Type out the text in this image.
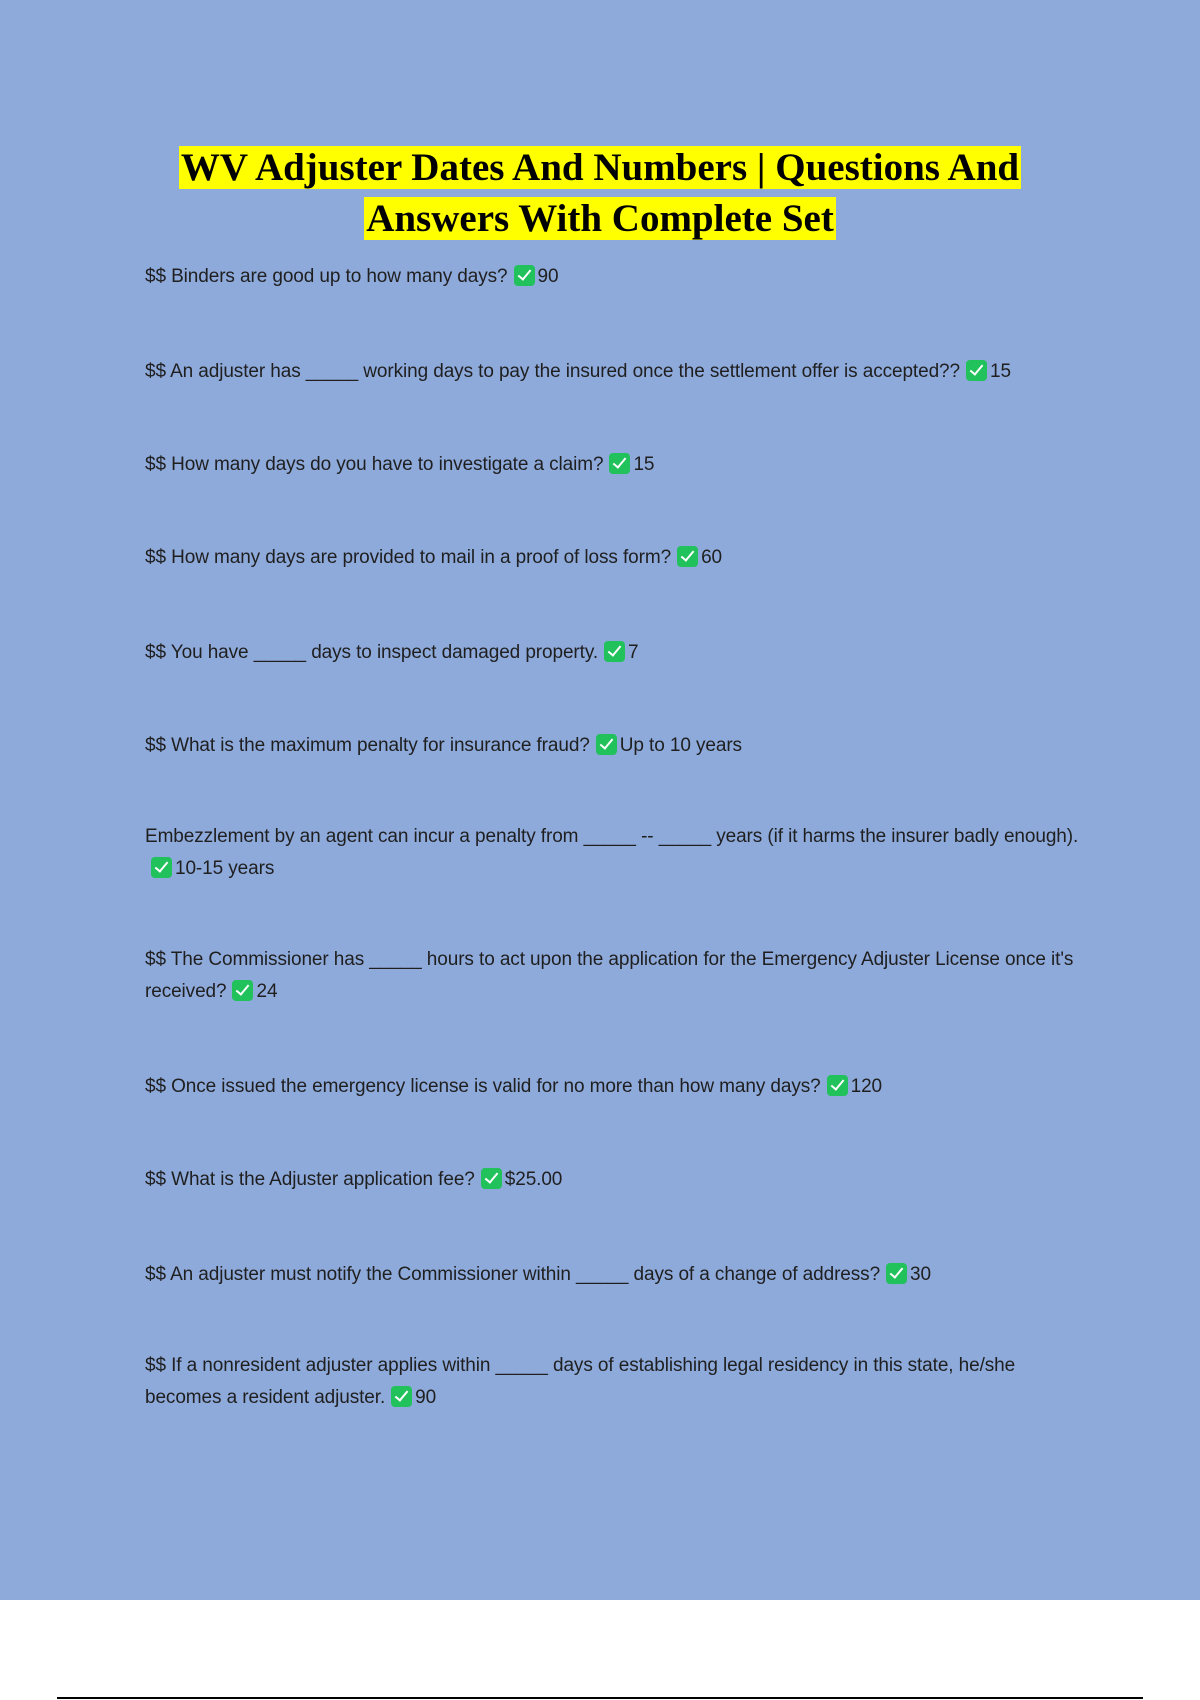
WV Adjuster Dates And Numbers | Questions And
Answers With Complete Set
$$ Binders are good up to how many days? 90
$$ An adjuster has _____ working days to pay the insured once the settlement offer is accepted?? 15
$$ How many days do you have to investigate a claim? 15
$$ How many days are provided to mail in a proof of loss form? 60
$$ You have _____ days to inspect damaged property. 7
$$ What is the maximum penalty for insurance fraud? Up to 10 years
Embezzlement by an agent can incur a penalty from _____ -- _____ years (if it harms the insurer badly enough).10-15 years
$$ The Commissioner has _____ hours to act upon the application for the Emergency Adjuster License once it's received? 24
$$ Once issued the emergency license is valid for no more than how many days? 120
$$ What is the Adjuster application fee? $25.00
$$ An adjuster must notify the Commissioner within _____ days of a change of address? 30
$$ If a nonresident adjuster applies within _____ days of establishing legal residency in this state, he/she becomes a resident adjuster. 90
